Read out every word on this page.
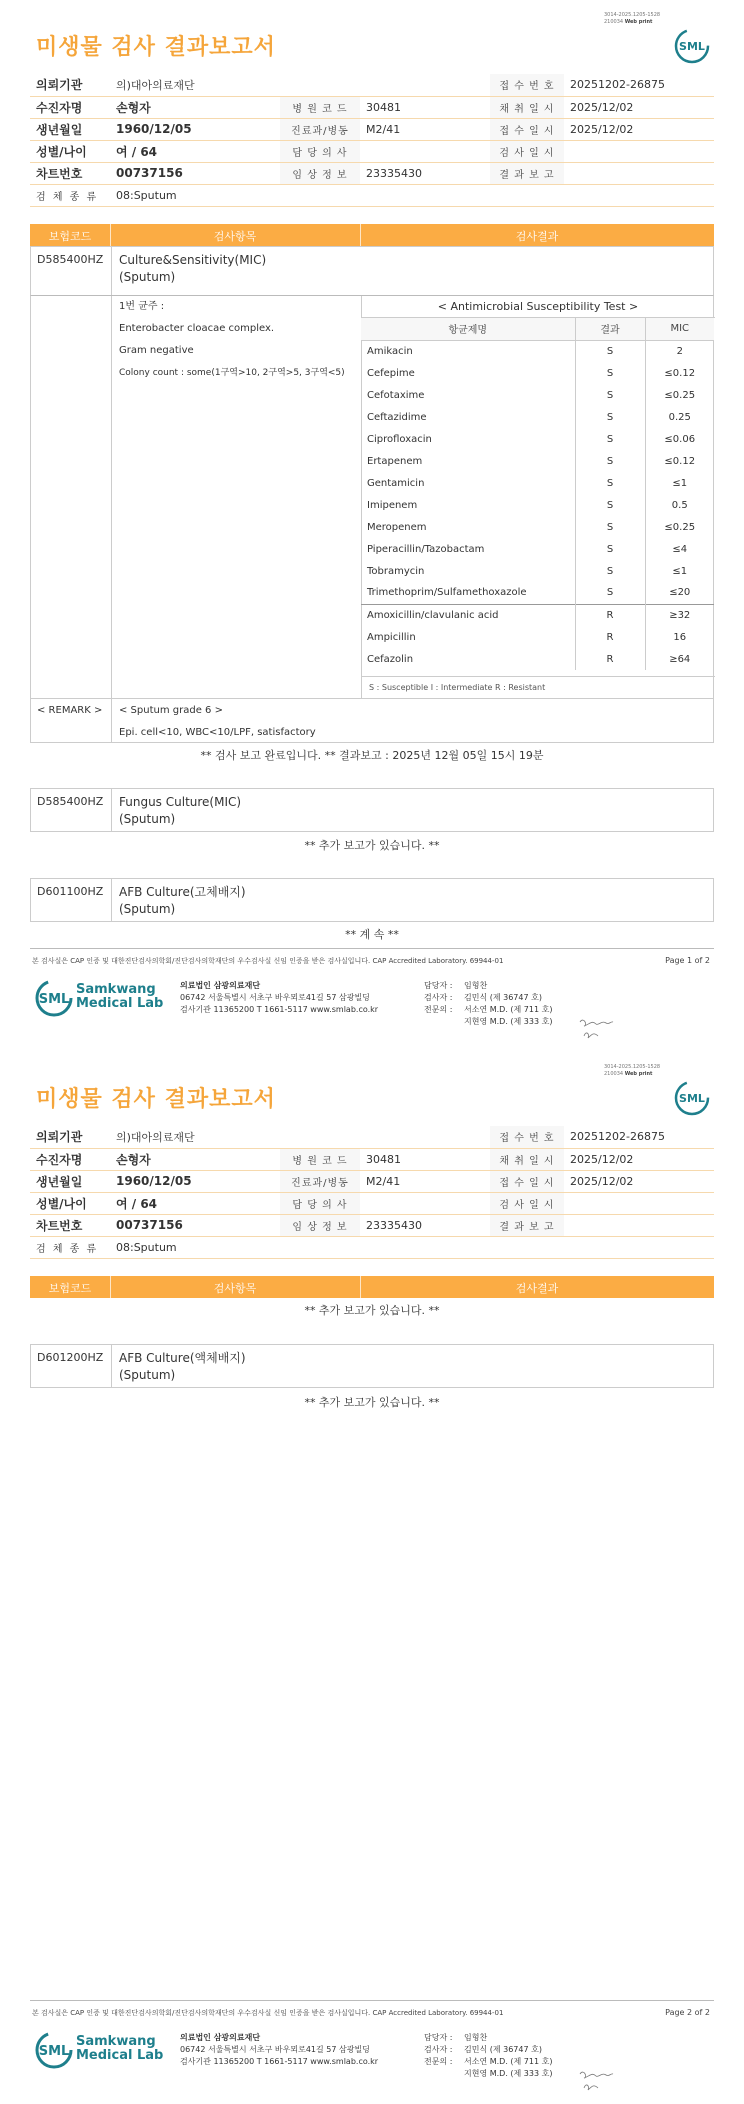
3014-2025.1205-1528
210034 Web print
SML
미생물 검사 결과보고서
의뢰기관	의)대아의료재단			접 수 번 호	20251202-26875
수진자명	손형자	병 원 코 드	30481	채 취 일 시	2025/12/02
생년월일	1960/12/05	진료과/병동	M2/41	접 수 일 시	2025/12/02
성별/나이	여 / 64	담 당 의 사		검 사 일 시	
차트번호	00737156	임 상 정 보	23335430	결 과 보 고	
검 체 종 류	08:Sputum				
보험코드	검사항목	검사결과
D585400HZ Culture&Sensitivity(MIC)
(Sputum)
1번 균주 :
Enterobacter cloacae complex.
Gram negative
Colony count : some(1구역>10, 2구역>5, 3구역<5)
< Antimicrobial Susceptibility Test >
항균제명	결과	MIC
Amikacin	S	2
Cefepime	S	≤0.12
Cefotaxime	S	≤0.25
Ceftazidime	S	0.25
Ciprofloxacin	S	≤0.06
Ertapenem	S	≤0.12
Gentamicin	S	≤1
Imipenem	S	0.5
Meropenem	S	≤0.25
Piperacillin/Tazobactam	S	≤4
Tobramycin	S	≤1
Trimethoprim/Sulfamethoxazole	S	≤20
Amoxicillin/clavulanic acid	R	≥32
Ampicillin	R	16
Cefazolin	R	≥64
S : Susceptible I : Intermediate R : Resistant
< REMARK > < Sputum grade 6 >
Epi. cell<10, WBC<10/LPF, satisfactory
** 검사 보고 완료입니다. ** 결과보고 : 2025년 12월 05일 15시 19분
D585400HZ Fungus Culture(MIC)
(Sputum)
** 추가 보고가 있습니다. **
D601100HZ AFB Culture(고체배지)
(Sputum)
** 계 속 **
본 검사실은 CAP 인증 및 대한진단검사의학회/진단검사의학재단의 우수검사실 신임 인증을 받은 검사실입니다. CAP Accredited Laboratory. 69944-01	Page 1 of 2
SML
Samkwang
Medical Lab
의료법인 삼광의료재단
06742 서울특별시 서초구 바우뫼로41길 57 삼광빌딩
검사기관 11365200 T 1661-5117 www.smlab.co.kr
담당자 : 임형찬
검사자 : 김민식 (제 36747 호)
전문의 : 서소연 M.D. (제 711 호)
지현영 M.D. (제 333 호)
3014-2025.1205-1528
210034 Web print
SML
미생물 검사 결과보고서
의뢰기관	의)대아의료재단			접 수 번 호	20251202-26875
수진자명	손형자	병 원 코 드	30481	채 취 일 시	2025/12/02
생년월일	1960/12/05	진료과/병동	M2/41	접 수 일 시	2025/12/02
성별/나이	여 / 64	담 당 의 사		검 사 일 시	
차트번호	00737156	임 상 정 보	23335430	결 과 보 고	
검 체 종 류	08:Sputum				
보험코드	검사항목	검사결과
** 추가 보고가 있습니다. **
D601200HZ AFB Culture(액체배지)
(Sputum)
** 추가 보고가 있습니다. **
본 검사실은 CAP 인증 및 대한진단검사의학회/진단검사의학재단의 우수검사실 신임 인증을 받은 검사실입니다. CAP Accredited Laboratory. 69944-01	Page 2 of 2
SML
Samkwang
Medical Lab
의료법인 삼광의료재단
06742 서울특별시 서초구 바우뫼로41길 57 삼광빌딩
검사기관 11365200 T 1661-5117 www.smlab.co.kr
담당자 : 임형찬
검사자 : 김민식 (제 36747 호)
전문의 : 서소연 M.D. (제 711 호)
지현영 M.D. (제 333 호)
